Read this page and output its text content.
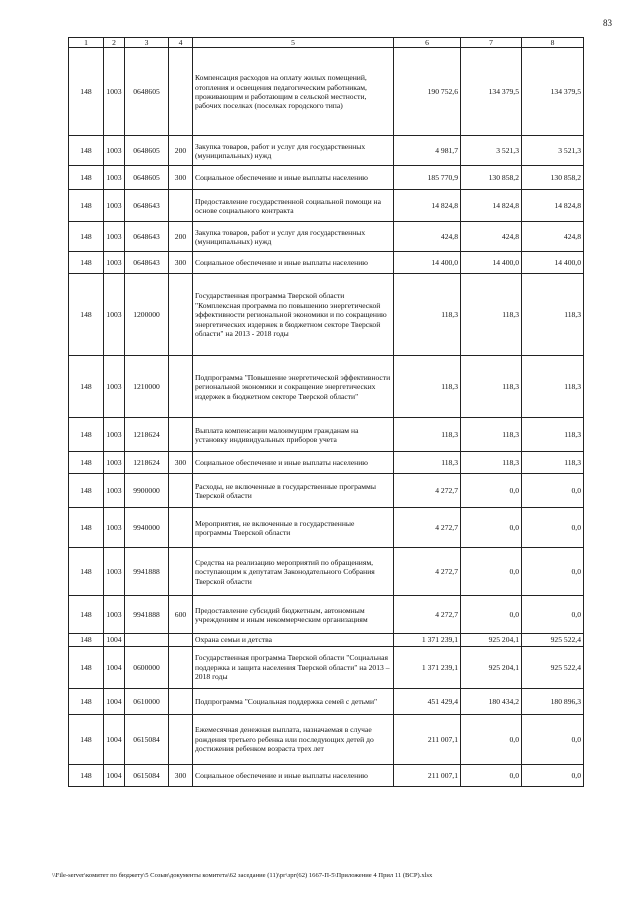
83
1	2	3	4	5	6	7	8
148	1003	0648605		Компенсация расходов на оплату жилых помещений, отопления и освещения педагогическим работникам, проживающим и работающим в сельской местности, рабочих поселках (поселках городского типа)	190 752,6	134 379,5	134 379,5
148	1003	0648605	200	Закупка товаров, работ и услуг для государственных (муниципальных) нужд	4 981,7	3 521,3	3 521,3
148	1003	0648605	300	Социальное обеспечение и иные выплаты населению	185 770,9	130 858,2	130 858,2
148	1003	0648643		Предоставление государственной социальной помощи на основе социального контракта	14 824,8	14 824,8	14 824,8
148	1003	0648643	200	Закупка товаров, работ и услуг для государственных (муниципальных) нужд	424,8	424,8	424,8
148	1003	0648643	300	Социальное обеспечение и иные выплаты населению	14 400,0	14 400,0	14 400,0
148	1003	1200000		Государственная программа Тверской области "Комплексная программа по повышению энергетической эффективности региональной экономики и по сокращению энергетических издержек в бюджетном секторе Тверской области" на 2013 - 2018 годы	118,3	118,3	118,3
148	1003	1210000		Подпрограмма "Повышение энергетической эффективности региональной экономики и сокращение энергетических издержек в бюджетном секторе Тверской области"	118,3	118,3	118,3
148	1003	1218624		Выплата компенсации малоимущим гражданам на установку индивидуальных приборов учета	118,3	118,3	118,3
148	1003	1218624	300	Социальное обеспечение и иные выплаты населению	118,3	118,3	118,3
148	1003	9900000		Расходы, не включенные в государственные программы Тверской области	4 272,7	0,0	0,0
148	1003	9940000		Мероприятия, не включенные в государственные программы Тверской области	4 272,7	0,0	0,0
148	1003	9941888		Средства на реализацию мероприятий по обращениям, поступающим к депутатам Законодательного Собрания Тверской области	4 272,7	0,0	0,0
148	1003	9941888	600	Предоставление субсидий бюджетным, автономным учреждениям и иным некоммерческим организациям	4 272,7	0,0	0,0
148	1004			Охрана семьи и детства	1 371 239,1	925 204,1	925 522,4
148	1004	0600000		Государственная программа Тверской области "Социальная поддержка и защита населения Тверской области" на 2013 – 2018 годы	1 371 239,1	925 204,1	925 522,4
148	1004	0610000		Подпрограмма "Социальная поддержка семей с детьми"	451 429,4	180 434,2	180 896,3
148	1004	0615084		Ежемесячная денежная выплата, назначаемая в случае рождения третьего ребенка или последующих детей до достижения ребенком возраста трех лет	211 007,1	0,0	0,0
148	1004	0615084	300	Социальное обеспечение и иные выплаты населению	211 007,1	0,0	0,0
\\File-server\комитет по бюджету\5 Созыв\документы комитета\62 заседание (11)\рг\зрг(62) 1667-П-5\Приложение 4 Прил 11 (ВСР).xlsx
